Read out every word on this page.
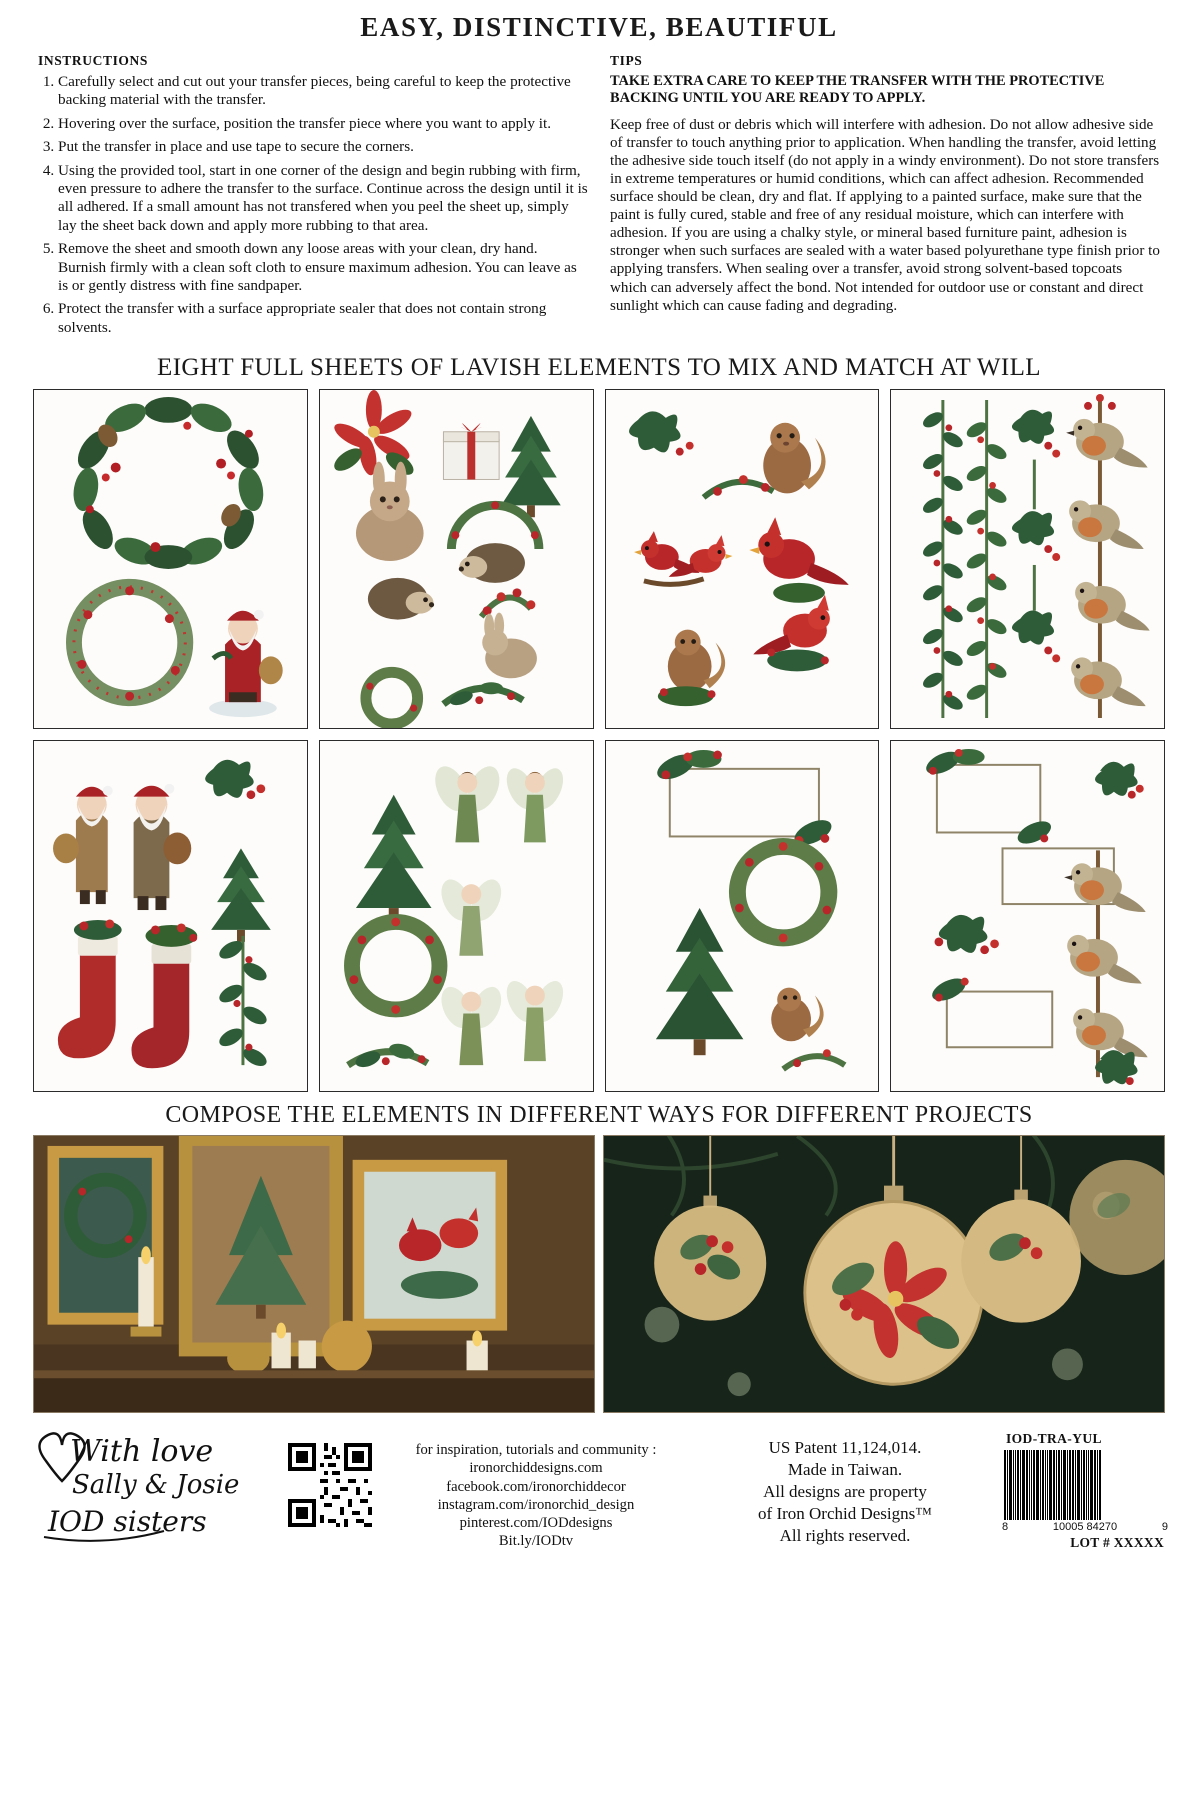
EASY, DISTINCTIVE, BEAUTIFUL
INSTRUCTIONS
1. Carefully select and cut out your transfer pieces, being careful to keep the protective backing material with the transfer.
2. Hovering over the surface, position the transfer piece where you want to apply it.
3. Put the transfer in place and use tape to secure the corners.
4. Using the provided tool, start in one corner of the design and begin rubbing with firm, even pressure to adhere the transfer to the surface. Continue across the design until it is all adhered. If a small amount has not transfered when you peel the sheet up, simply lay the sheet back down and apply more rubbing to that area.
5. Remove the sheet and smooth down any loose areas with your clean, dry hand. Burnish firmly with a clean soft cloth to ensure maximum adhesion. You can leave as is or gently distress with fine sandpaper.
6. Protect the transfer with a surface appropriate sealer that does not contain strong solvents.
TIPS
TAKE EXTRA CARE TO KEEP THE TRANSFER WITH THE PROTECTIVE BACKING UNTIL YOU ARE READY TO APPLY.
Keep free of dust or debris which will interfere with adhesion. Do not allow adhesive side of transfer to touch anything prior to application. When handling the transfer, avoid letting the adhesive side touch itself (do not apply in a windy environment). Do not store transfers in extreme temperatures or humid conditions, which can affect adhesion. Recommended surface should be clean, dry and flat. If applying to a painted surface, make sure that the paint is fully cured, stable and free of any residual moisture, which can interfere with adhesion. If you are using a chalky style, or mineral based furniture paint, adhesion is stronger when such surfaces are sealed with a water based polyurethane type finish prior to applying transfers. When sealing over a transfer, avoid strong solvent-based topcoats which can adversely affect the bond. Not intended for outdoor use or constant and direct sunlight which can cause fading and degrading.
EIGHT FULL SHEETS OF LAVISH ELEMENTS TO MIX AND MATCH AT WILL
COMPOSE THE ELEMENTS IN DIFFERENT WAYS FOR DIFFERENT PROJECTS
With love
Sally & Josie
IOD sisters
for inspiration, tutorials and community :
ironorchiddesigns.com
facebook.com/ironorchiddecor
instagram.com/ironorchid_design
pinterest.com/IODdesigns
Bit.ly/IODtv
US Patent 11,124,014.
Made in Taiwan.
All designs are property
of Iron Orchid Designs™
All rights reserved.
IOD-TRA-YUL
8	10005 84270	9
LOT # XXXXX
